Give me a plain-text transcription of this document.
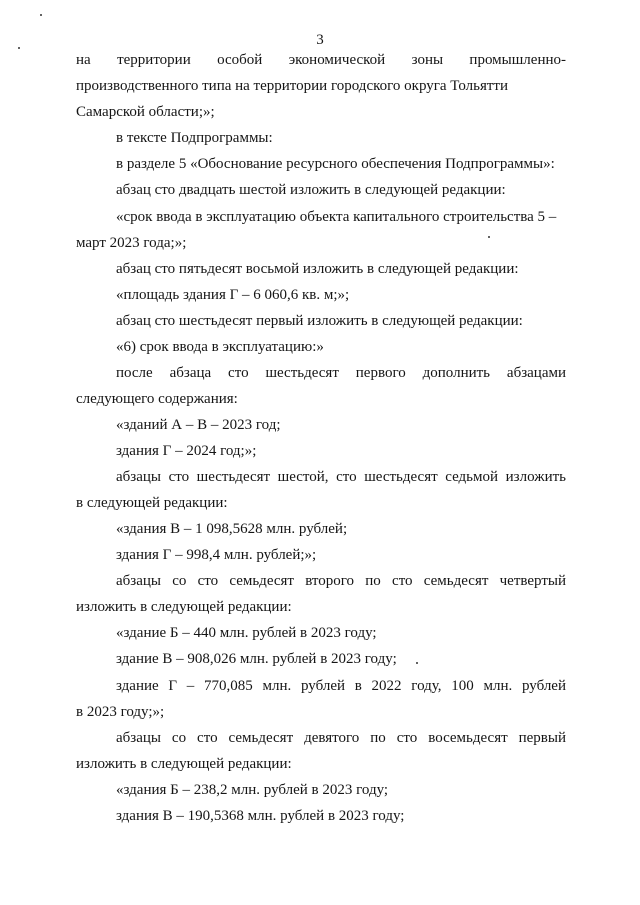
3
на территории особой экономической зоны промышленно-
производственного типа на территории городского округа Тольятти
Самарской области;»;
в тексте Подпрограммы:
в разделе 5 «Обоснование ресурсного обеспечения Подпрограммы»:
абзац сто двадцать шестой изложить в следующей редакции:
«срок ввода в эксплуатацию объекта капитального строительства 5 –
март 2023 года;»;
абзац сто пятьдесят восьмой изложить в следующей редакции:
«площадь здания Г – 6 060,6 кв. м;»;
абзац сто шестьдесят первый изложить в следующей редакции:
«6) срок ввода в эксплуатацию:»
после абзаца сто шестьдесят первого дополнить абзацами
следующего содержания:
«зданий А – В – 2023 год;
здания Г – 2024 год;»;
абзацы сто шестьдесят шестой, сто шестьдесят седьмой изложить
в следующей редакции:
«здания В – 1 098,5628 млн. рублей;
здания Г – 998,4 млн. рублей;»;
абзацы со сто семьдесят второго по сто семьдесят четвертый
изложить в следующей редакции:
«здание Б – 440 млн. рублей в 2023 году;
здание В – 908,026 млн. рублей в 2023 году;
здание Г – 770,085 млн. рублей в 2022 году, 100 млн. рублей
в 2023 году;»;
абзацы со сто семьдесят девятого по сто восемьдесят первый
изложить в следующей редакции:
«здания Б – 238,2 млн. рублей в 2023 году;
здания В – 190,5368 млн. рублей в 2023 году;
